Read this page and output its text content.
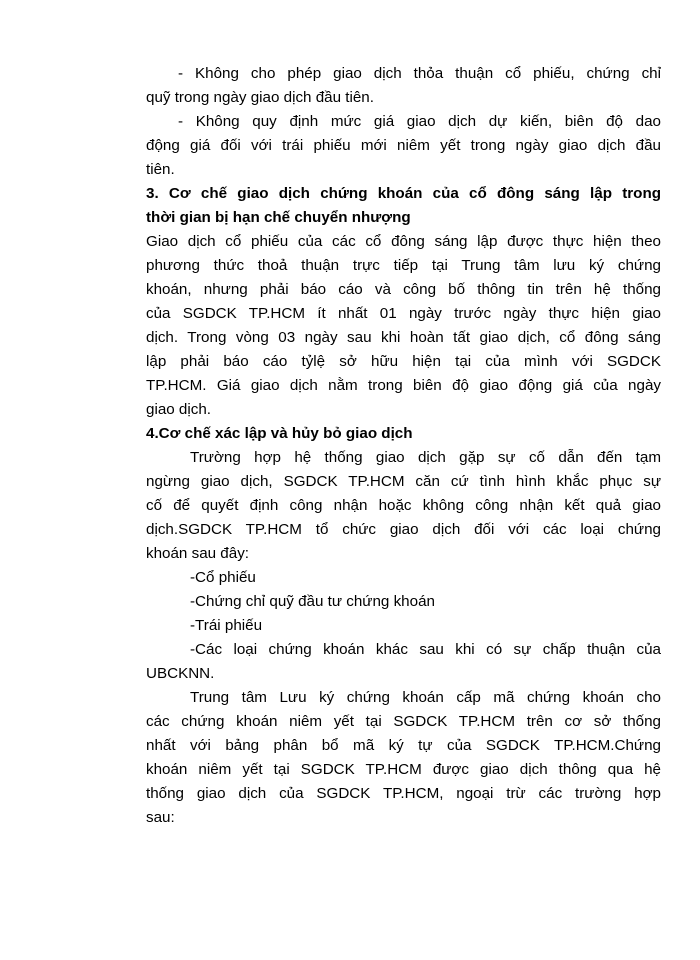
- Không cho phép giao dịch thỏa thuận cổ phiếu, chứng chỉ
quỹ trong ngày giao dịch đầu tiên.
- Không quy định mức giá giao dịch dự kiến, biên độ dao
động giá đối với trái phiếu mới niêm yết trong ngày giao dịch đầu
tiên.
3. Cơ chế giao dịch chứng khoán của cổ đông sáng lập trong
thời gian bị hạn chế chuyển nhượng
Giao dịch cổ phiếu của các cổ đông sáng lập được thực hiện theo
phương thức thoả thuận trực tiếp tại Trung tâm lưu ký chứng
khoán, nhưng phải báo cáo và công bố thông tin trên hệ thống
của SGDCK TP.HCM ít nhất 01 ngày trước ngày thực hiện giao
dịch. Trong vòng 03 ngày sau khi hoàn tất giao dịch, cổ đông sáng
lập phải báo cáo tỷlệ sở hữu hiện tại của mình với SGDCK
TP.HCM. Giá giao dịch nằm trong biên độ giao động giá của ngày
giao dịch.
4.Cơ chế xác lập và hủy bỏ giao dịch
Trường hợp hệ thống giao dịch gặp sự cố dẫn đến tạm
ngừng giao dịch, SGDCK TP.HCM căn cứ tình hình khắc phục sự
cố để quyết định công nhận hoặc không công nhận kết quả giao
dịch.SGDCK TP.HCM tổ chức giao dịch đối với các loại chứng
khoán sau đây:
-Cổ phiếu
-Chứng chỉ quỹ đầu tư chứng khoán
-Trái phiếu
-Các loại chứng khoán khác sau khi có sự chấp thuận của
UBCKNN.
Trung tâm Lưu ký chứng khoán cấp mã chứng khoán cho
các chứng khoán niêm yết tại SGDCK TP.HCM trên cơ sở thống
nhất với bảng phân bổ mã ký tự của SGDCK TP.HCM.Chứng
khoán niêm yết tại SGDCK TP.HCM được giao dịch thông qua hệ
thống giao dịch của SGDCK TP.HCM, ngoại trừ các trường hợp
sau:
